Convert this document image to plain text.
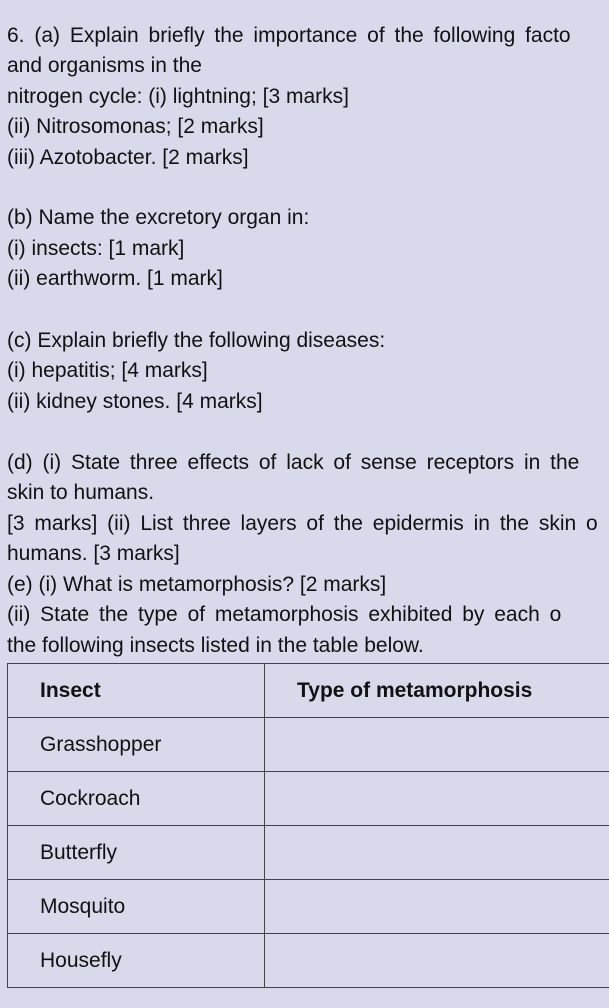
6. (a) Explain briefly the importance of the following facto
and organisms in the
nitrogen cycle: (i) lightning; [3 marks]
(ii) Nitrosomonas; [2 marks]
(iii) Azotobacter. [2 marks]
(b) Name the excretory organ in:
(i) insects: [1 mark]
(ii) earthworm. [1 mark]
(c) Explain briefly the following diseases:
(i) hepatitis; [4 marks]
(ii) kidney stones. [4 marks]
(d) (i) State three effects of lack of sense receptors in the
skin to humans.
[3 marks] (ii) List three layers of the epidermis in the skin o
humans. [3 marks]
(e) (i) What is metamorphosis? [2 marks]
(ii) State the type of metamorphosis exhibited by each o
the following insects listed in the table below.
Insect	Type of metamorphosis
Grasshopper	
Cockroach	
Butterfly	
Mosquito	
Housefly	
